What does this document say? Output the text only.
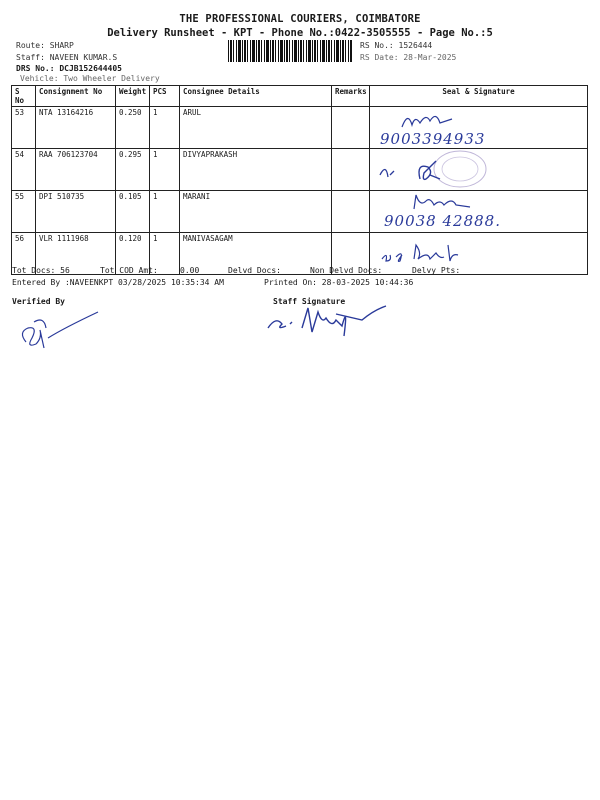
THE PROFESSIONAL COURIERS, COIMBATORE
Delivery Runsheet - KPT - Phone No.:0422-3505555 - Page No.:5
Route: SHARP
Staff: NAVEEN KUMAR.S
DRS No.: DCJB152644405
Vehicle: Two Wheeler Delivery
RS No.: 1526444
RS Date: 28-Mar-2025
S No	Consignment No	Weight	PCS	Consignee Details	Remarks	Seal & Signature
53	NTA 13164216	0.250	1	ARUL		9003394933

54	RAA 706123704	0.295	1	DIVYAPRAKASH		

55	DPI 510735	0.105	1	MARANI		90038 42888.

56	VLR 1111968	0.120	1	MANIVASAGAM		
Tot Docs: 56	Tot COD Amt:	0.00	Delvd Docs:	Non Delvd Docs:	Delvy Pts:
Entered By :NAVEENKPT 03/28/2025 10:35:34 AM	Printed On: 28-03-2025 10:44:36
Verified By	Staff Signature
